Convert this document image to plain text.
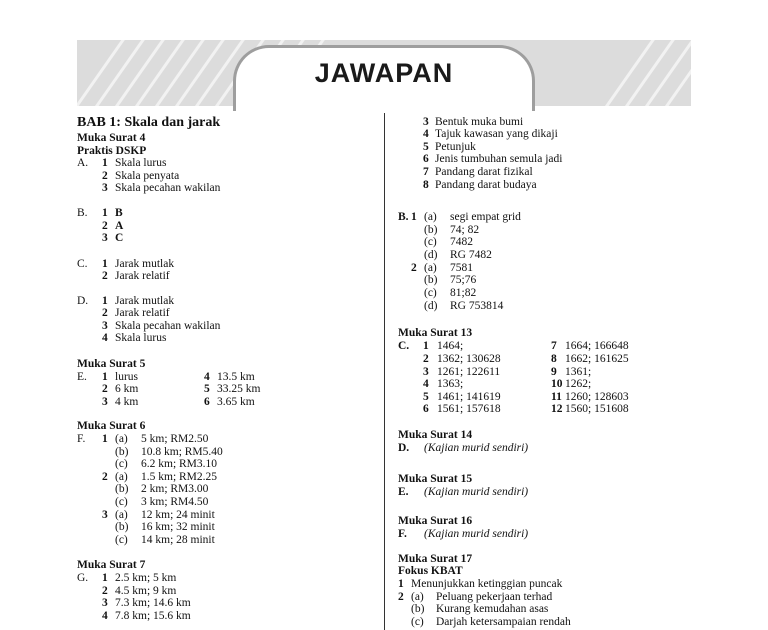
JAWAPAN
BAB 1: Skala dan jarak
Muka Surat 4
Praktis DSKP
A. 1 Skala lurus
2 Skala penyata
3 Skala pecahan wakilan
B. 1 B
2 A
3 C
C. 1 Jarak mutlak
2 Jarak relatif
D. 1 Jarak mutlak
2 Jarak relatif
3 Skala pecahan wakilan
4 Skala lurus
Muka Surat 5
E. 1 lurus
2 6 km
3 4 km
4 13.5 km
5 33.25 km
6 3.65 km
Muka Surat 6
F. 1 (a) 5 km; RM2.50
(b) 10.8 km; RM5.40
(c) 6.2 km; RM3.10
2 (a) 1.5 km; RM2.25
(b) 2 km; RM3.00
(c) 3 km; RM4.50
3 (a) 12 km; 24 minit
(b) 16 km; 32 minit
(c) 14 km; 28 minit
Muka Surat 7
G. 1 2.5 km; 5 km
2 4.5 km; 9 km
3 7.3 km; 14.6 km
4 7.8 km; 15.6 km
3 Bentuk muka bumi
4 Tajuk kawasan yang dikaji
5 Petunjuk
6 Jenis tumbuhan semula jadi
7 Pandang darat fizikal
8 Pandang darat budaya
B. 1 (a) segi empat grid
(b) 74; 82
(c) 7482
(d) RG 7482
2 (a) 7581
(b) 75;76
(c) 81;82
(d) RG 753814
Muka Surat 13
C. 1 1464;
2 1362; 130628
3 1261; 122611
4 1363;
5 1461; 141619
6 1561; 157618
7 1664; 166648
8 1662; 161625
9 1361;
10 1262;
11 1260; 128603
12 1560; 151608
Muka Surat 14
D. (Kajian murid sendiri)
Muka Surat 15
E. (Kajian murid sendiri)
Muka Surat 16
F. (Kajian murid sendiri)
Muka Surat 17
Fokus KBAT
1 Menunjukkan ketinggian puncak
2 (a) Peluang pekerjaan terhad
(b) Kurang kemudahan asas
(c) Darjah ketersampaian rendah
